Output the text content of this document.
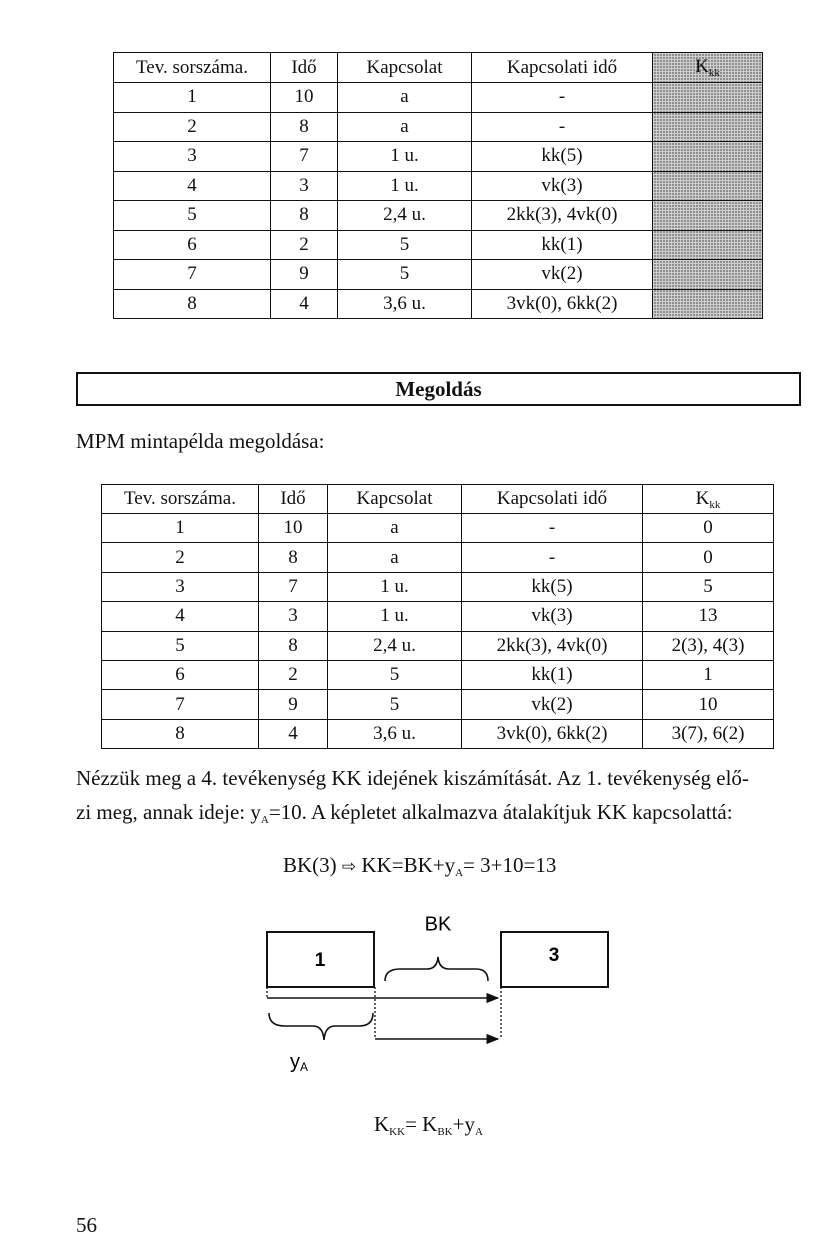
Tev. sorszáma.	Idő	Kapcsolat	Kapcsolati idő	$K_{kk}$
1	10	a	-	
2	8	a	-	
3	7	1 u.	kk(5)	
4	3	1 u.	vk(3)	
5	8	2,4 u.	2kk(3), 4vk(0)	
6	2	5	kk(1)	
7	9	5	vk(2)	
8	4	3,6 u.	3vk(0), 6kk(2)	
Megoldás
MPM mintapélda megoldása:
Tev. sorszáma.	Idő	Kapcsolat	Kapcsolati idő	$K_{kk}$
1	10	a	-	0
2	8	a	-	0
3	7	1 u.	kk(5)	5
4	3	1 u.	vk(3)	13
5	8	2,4 u.	2kk(3), 4vk(0)	2(3), 4(3)
6	2	5	kk(1)	1
7	9	5	vk(2)	10
8	4	3,6 u.	3vk(0), 6kk(2)	3(7), 6(2)
Nézzük meg a 4. tevékenység KK idejének kiszámítását. Az 1. tevékenység elő-
zi meg, annak ideje: $y_A=10$. A képletet alkalmazva átalakítjuk KK kapcsolattá:
BK(3) ⇨ $KK=BK+y_A= 3+10=13$
1	3
BK
$y_A$
$K_{KK}= K_{BK}+y_A$
56
